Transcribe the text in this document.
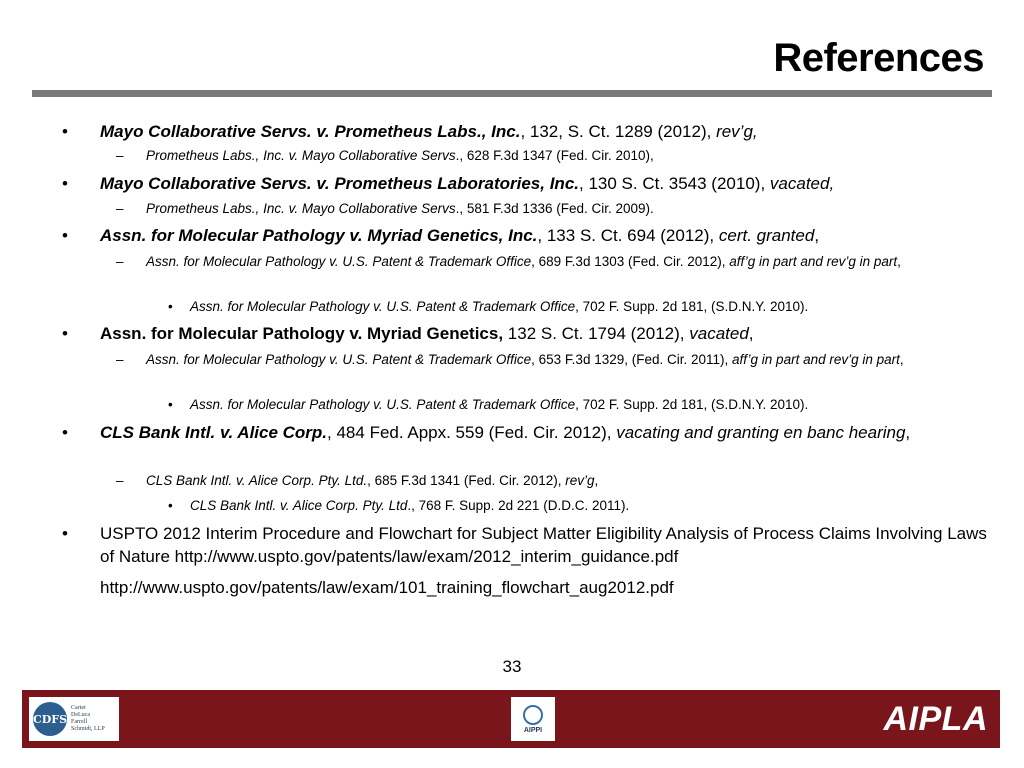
References
• Mayo Collaborative Servs. v. Prometheus Labs., Inc., 132, S. Ct. 1289 (2012), rev’g,
– Prometheus Labs., Inc. v. Mayo Collaborative Servs., 628 F.3d 1347 (Fed. Cir. 2010),
• Mayo Collaborative Servs. v. Prometheus Laboratories, Inc., 130 S. Ct. 3543 (2010), vacated,
– Prometheus Labs., Inc. v. Mayo Collaborative Servs., 581 F.3d 1336 (Fed. Cir. 2009).
• Assn. for Molecular Pathology v. Myriad Genetics, Inc., 133 S. Ct. 694 (2012), cert. granted,
– Assn. for Molecular Pathology v. U.S. Patent & Trademark Office, 689 F.3d 1303 (Fed. Cir. 2012), aff’g in part and rev’g in part,
• Assn. for Molecular Pathology v. U.S. Patent & Trademark Office, 702 F. Supp. 2d 181, (S.D.N.Y. 2010).
• Assn. for Molecular Pathology v. Myriad Genetics, 132 S. Ct. 1794 (2012), vacated,
– Assn. for Molecular Pathology v. U.S. Patent & Trademark Office, 653 F.3d 1329, (Fed. Cir. 2011), aff’g in part and rev’g in part,
• Assn. for Molecular Pathology v. U.S. Patent & Trademark Office, 702 F. Supp. 2d 181, (S.D.N.Y. 2010).
• CLS Bank Intl. v. Alice Corp., 484 Fed. Appx. 559 (Fed. Cir. 2012), vacating and granting en banc hearing,
– CLS Bank Intl. v. Alice Corp. Pty. Ltd., 685 F.3d 1341 (Fed. Cir. 2012), rev’g,
• CLS Bank Intl. v. Alice Corp. Pty. Ltd., 768 F. Supp. 2d 221 (D.D.C. 2011).
• USPTO 2012 Interim Procedure and Flowchart for Subject Matter Eligibility Analysis of Process Claims Involving Laws of Nature http://www.uspto.gov/patents/law/exam/2012_interim_guidance.pdf
http://www.uspto.gov/patents/law/exam/101_training_flowchart_aug2012.pdf
33
CDFS
Carter
DeLuca
Farrell
Schmidt, LLP	AIPPI	AIPLA
